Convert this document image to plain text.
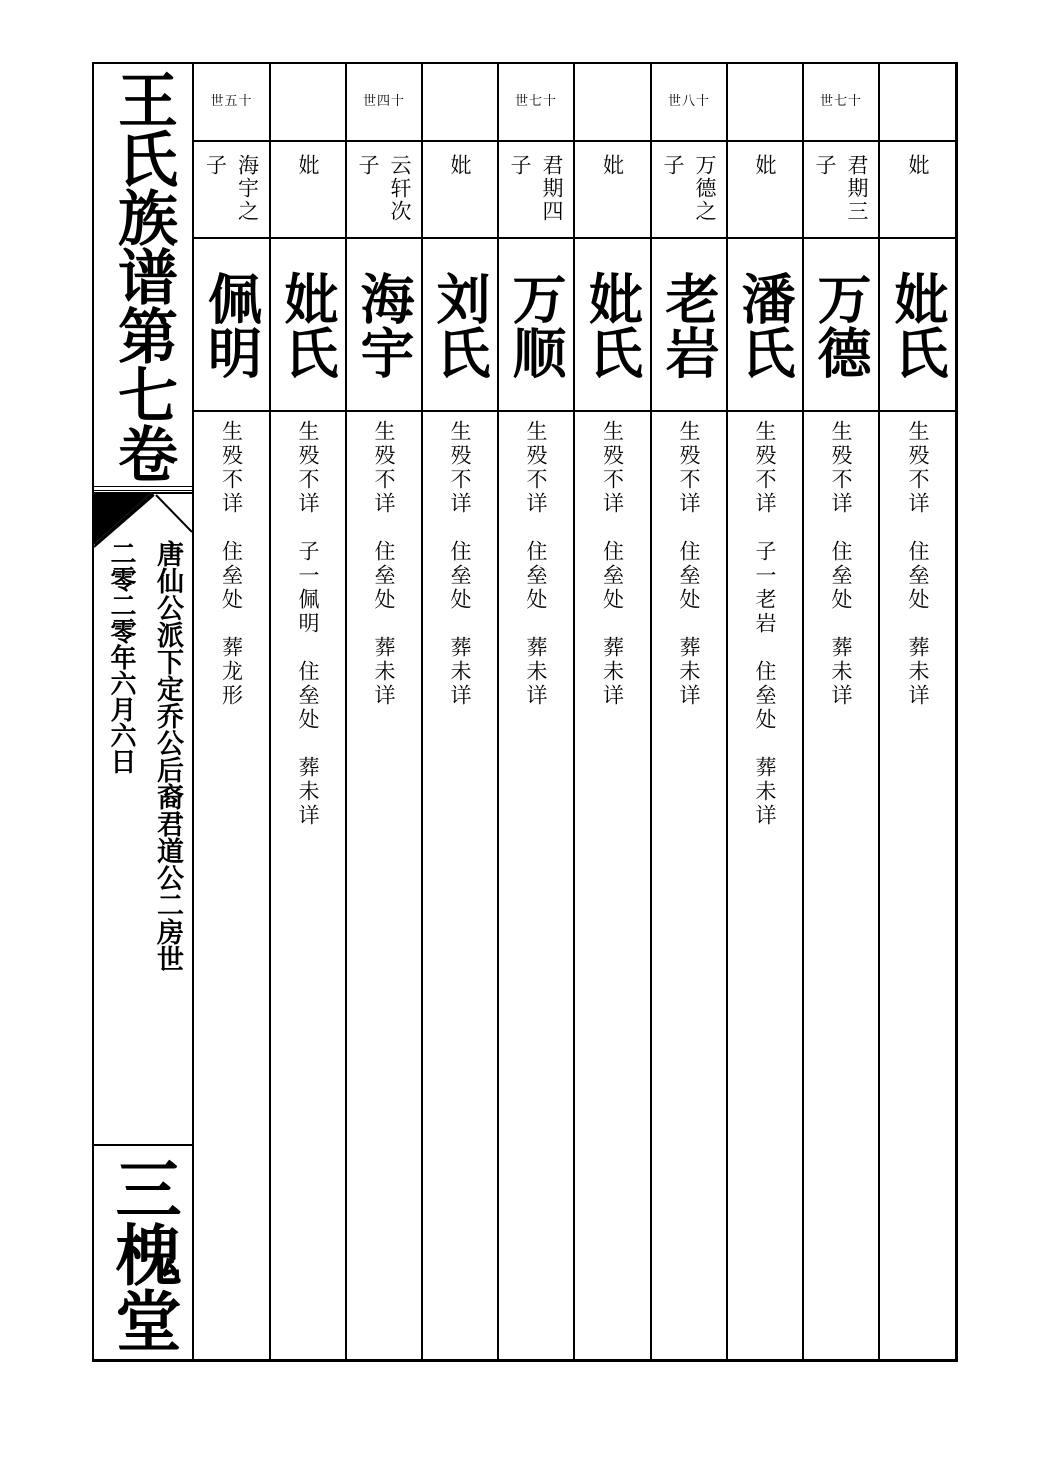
王氏族谱第七卷
唐仙公派下定乔公后裔君道公二房世
二零二零年六月六日
三槐堂
世五十
海宇之子
佩明
生殁不详　住垒处　葬龙形
妣
妣氏
生殁不详　子一佩明　住垒处　葬未详
世四十
云轩次子
海宇
生殁不详　住垒处　葬未详
妣
刘氏
生殁不详　住垒处　葬未详
世七十
君期四子
万顺
生殁不详　住垒处　葬未详
妣
妣氏
生殁不详　住垒处　葬未详
世八十
万德之子
老岩
生殁不详　住垒处　葬未详
妣
潘氏
生殁不详　子一老岩　住垒处　葬未详
世七十
君期三子
万德
生殁不详　住垒处　葬未详
妣
妣氏
生殁不详　住垒处　葬未详
